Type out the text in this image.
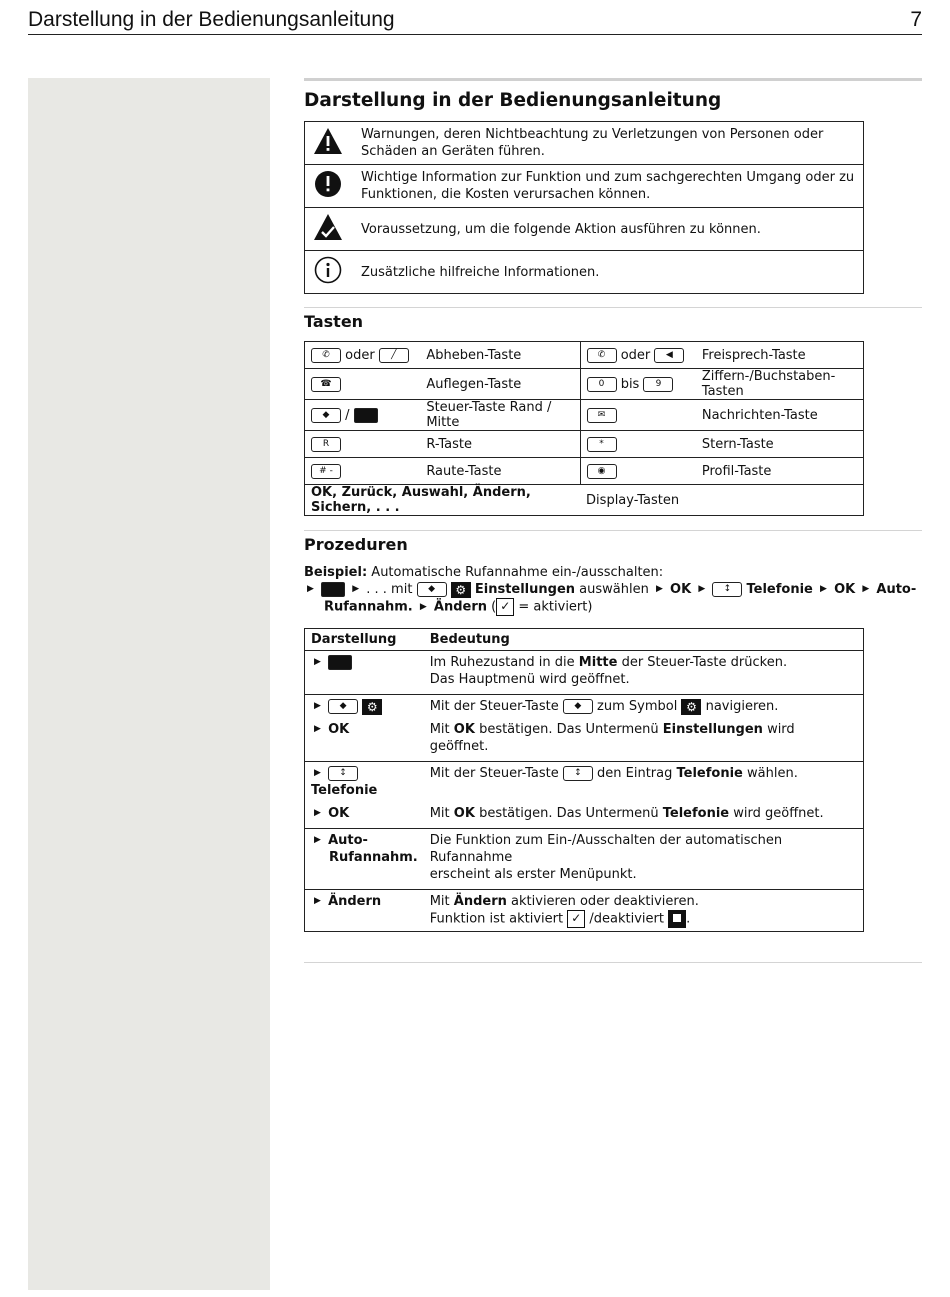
Darstellung in der Bedienungsanleitung	7
Darstellung in der Bedienungsanleitung
	Warnungen, deren Nichtbeachtung zu Verletzungen von Personen oder Schäden an Geräten führen.
	Wichtige Information zur Funktion und zum sachgerechten Umgang oder zu Funktionen, die Kosten verursachen können.
	Voraussetzung, um die folgende Aktion ausführen zu können.
	Zusätzliche hilfreiche Informationen.
Tasten
✆ oder ╱	Abheben-Taste	✆ oder ◀	Freisprech-Taste
☎	Auflegen-Taste	0 bis 9	Ziffern-/Buchstaben-Tasten
◆ /	Steuer-Taste Rand / Mitte	✉	Nachrichten-Taste
R	R-Taste	*	Stern-Taste
# -	Raute-Taste	◉	Profil-Taste
OK, Zurück, Auswahl, Ändern, Sichern, . . .		Display-Tasten	
Prozeduren
Beispiel: Automatische Rufannahme ein-/ausschalten:
▶	▶ . . . mit ◆ ⚙ Einstellungen auswählen ▶ OK ▶ ↕ Telefonie ▶ OK ▶ Auto-
Rufannahm. ▶ Ändern ( ✓ = aktiviert)
Darstellung	Bedeutung
▶	Im Ruhezustand in die Mitte der Steuer-Taste drücken.
Das Hauptmenü wird geöffnet.
▶ ◆ ⚙	Mit der Steuer-Taste ◆ zum Symbol ⚙ navigieren.
▶ OK	Mit OK bestätigen. Das Untermenü Einstellungen wird geöffnet.
▶ ↕ Telefonie	Mit der Steuer-Taste ↕ den Eintrag Telefonie wählen.
▶ OK	Mit OK bestätigen. Das Untermenü Telefonie wird geöffnet.
▶ Auto-
Rufannahm.	Die Funktion zum Ein-/Ausschalten der automatischen Rufannahme
erscheint als erster Menüpunkt.
▶ Ändern	Mit Ändern aktivieren oder deaktivieren.
Funktion ist aktiviert ✓ /deaktiviert .
